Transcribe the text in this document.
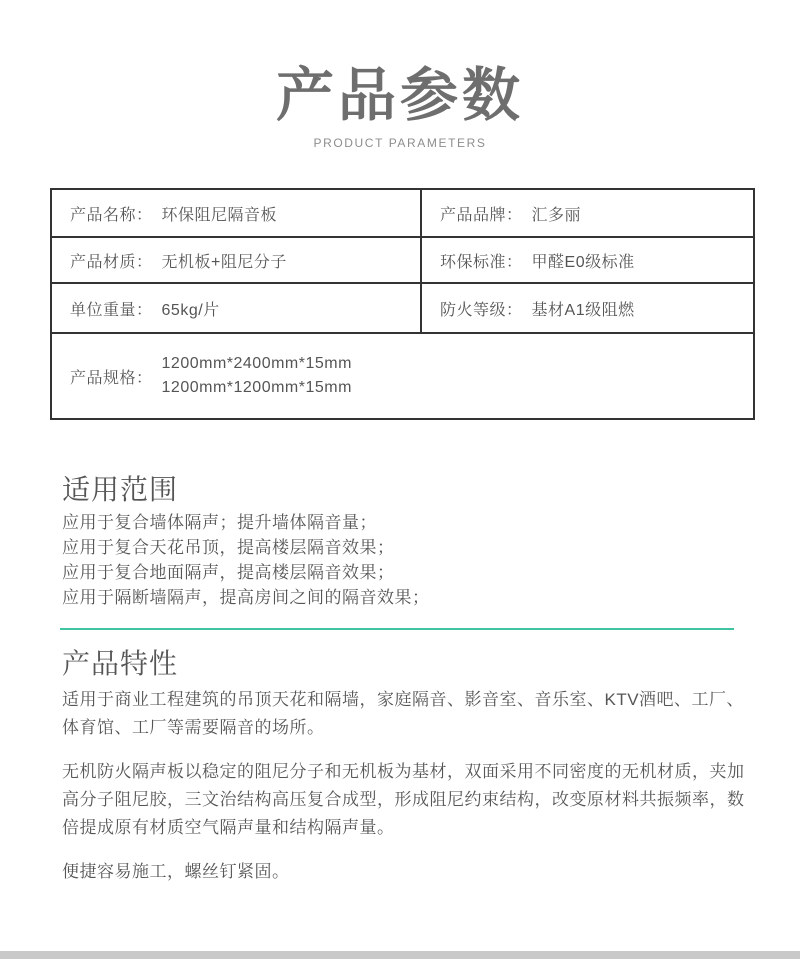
产品参数
PRODUCT PARAMETERS
产品名称： 环保阻尼隔音板	产品品牌： 汇多丽
产品材质： 无机板+阻尼分子	环保标准： 甲醛E0级标准
单位重量： 65kg/片	防火等级： 基材A1级阻燃

产品规格：
1200mm*2400mm*15mm
1200mm*1200mm*15mm	
适用范围
应用于复合墙体隔声；提升墙体隔音量；
应用于复合天花吊顶，提高楼层隔音效果；
应用于复合地面隔声，提高楼层隔音效果；
应用于隔断墙隔声，提高房间之间的隔音效果；
产品特性

适用于商业工程建筑的吊顶天花和隔墙，家庭隔音、影音室、音乐室、KTV酒吧、工厂、体育馆、工厂等需要隔音的场所。

无机防火隔声板以稳定的阻尼分子和无机板为基材，双面采用不同密度的无机材质，夹加高分子阻尼胶，三文治结构高压复合成型，形成阻尼约束结构，改变原材料共振频率，数倍提成原有材质空气隔声量和结构隔声量。

便捷容易施工，螺丝钉紧固。
